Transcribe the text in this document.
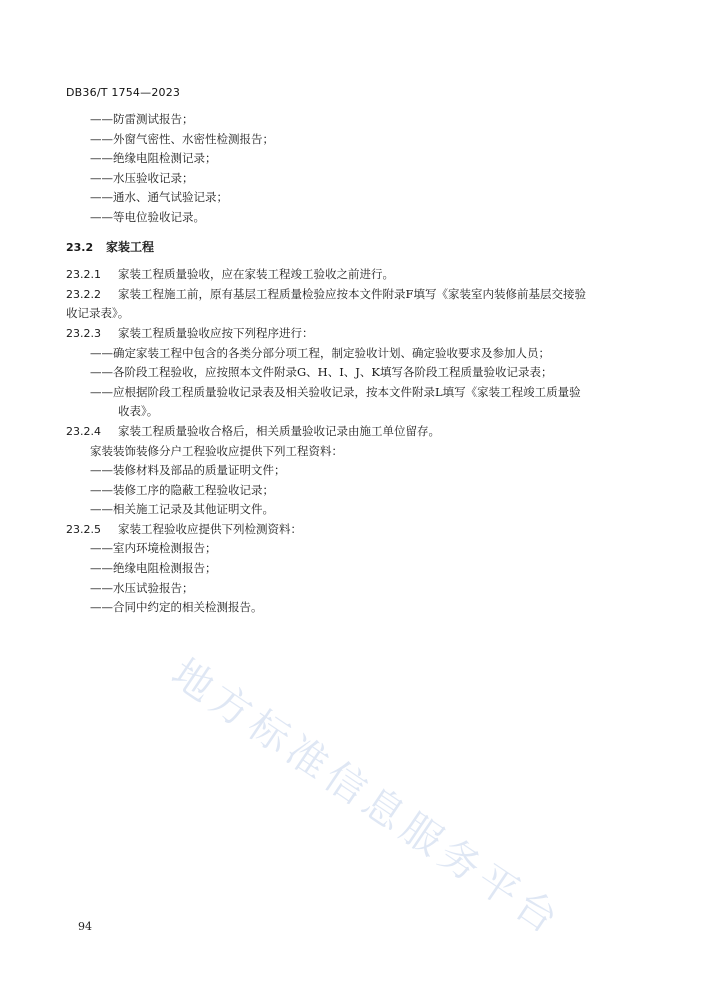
DB36/T 1754—2023
——防雷测试报告；
——外窗气密性、水密性检测报告；
——绝缘电阻检测记录；
——水压验收记录；
——通水、通气试验记录；
——等电位验收记录。
23.2 家装工程
23.2.1 家装工程质量验收，应在家装工程竣工验收之前进行。
23.2.2 家装工程施工前，原有基层工程质量检验应按本文件附录F填写《家装室内装修前基层交接验
收记录表》。
23.2.3 家装工程质量验收应按下列程序进行：
——确定家装工程中包含的各类分部分项工程，制定验收计划、确定验收要求及参加人员；
——各阶段工程验收，应按照本文件附录G、H、I、J、K填写各阶段工程质量验收记录表；
——应根据阶段工程质量验收记录表及相关验收记录，按本文件附录L填写《家装工程竣工质量验
收表》。
23.2.4 家装工程质量验收合格后，相关质量验收记录由施工单位留存。
家装装饰装修分户工程验收应提供下列工程资料：
——装修材料及部品的质量证明文件；
——装修工序的隐蔽工程验收记录；
——相关施工记录及其他证明文件。
23.2.5 家装工程验收应提供下列检测资料：
——室内环境检测报告；
——绝缘电阻检测报告；
——水压试验报告；
——合同中约定的相关检测报告。
地方标准信息服务平台
94
